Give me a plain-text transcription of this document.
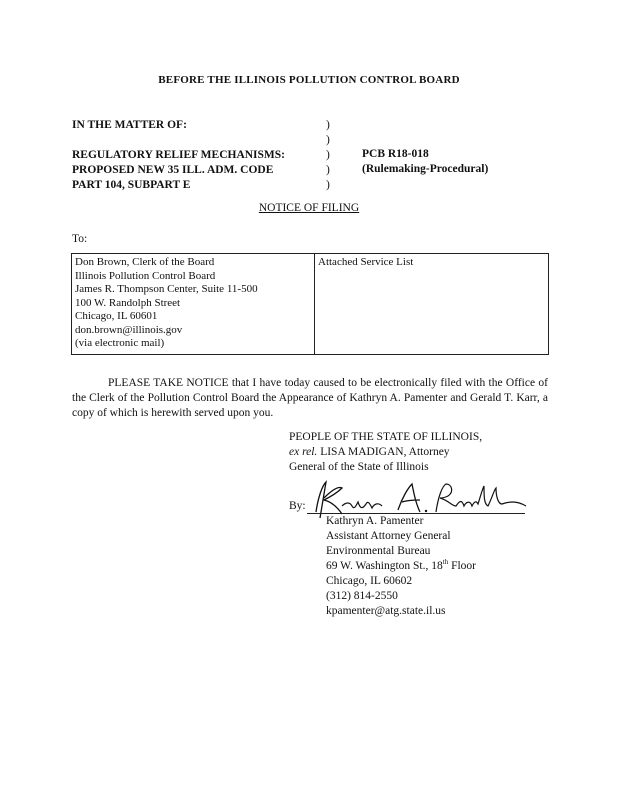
BEFORE THE ILLINOIS POLLUTION CONTROL BOARD
IN THE MATTER OF:

REGULATORY RELIEF MECHANISMS:
PROPOSED NEW 35 ILL. ADM. CODE
PART 104, SUBPART E
)
)
)
)
)
PCB R18-018
(Rulemaking-Procedural)
NOTICE OF FILING
To:
Don Brown, Clerk of the Board
Illinois Pollution Control Board
James R. Thompson Center, Suite 11-500
100 W. Randolph Street
Chicago, IL 60601
don.brown@illinois.gov
(via electronic mail)

Attached Service List
PLEASE TAKE NOTICE that I have today caused to be electronically filed with the Office of the Clerk of the Pollution Control Board the Appearance of Kathryn A. Pamenter and Gerald T. Karr, a copy of which is herewith served upon you.
PEOPLE OF THE STATE OF ILLINOIS,
ex rel. LISA MADIGAN, Attorney
General of the State of Illinois
By:
Kathryn A. Pamenter
Assistant Attorney General
Environmental Bureau
69 W. Washington St., 18th Floor
Chicago, IL 60602
(312) 814-2550
kpamenter@atg.state.il.us
